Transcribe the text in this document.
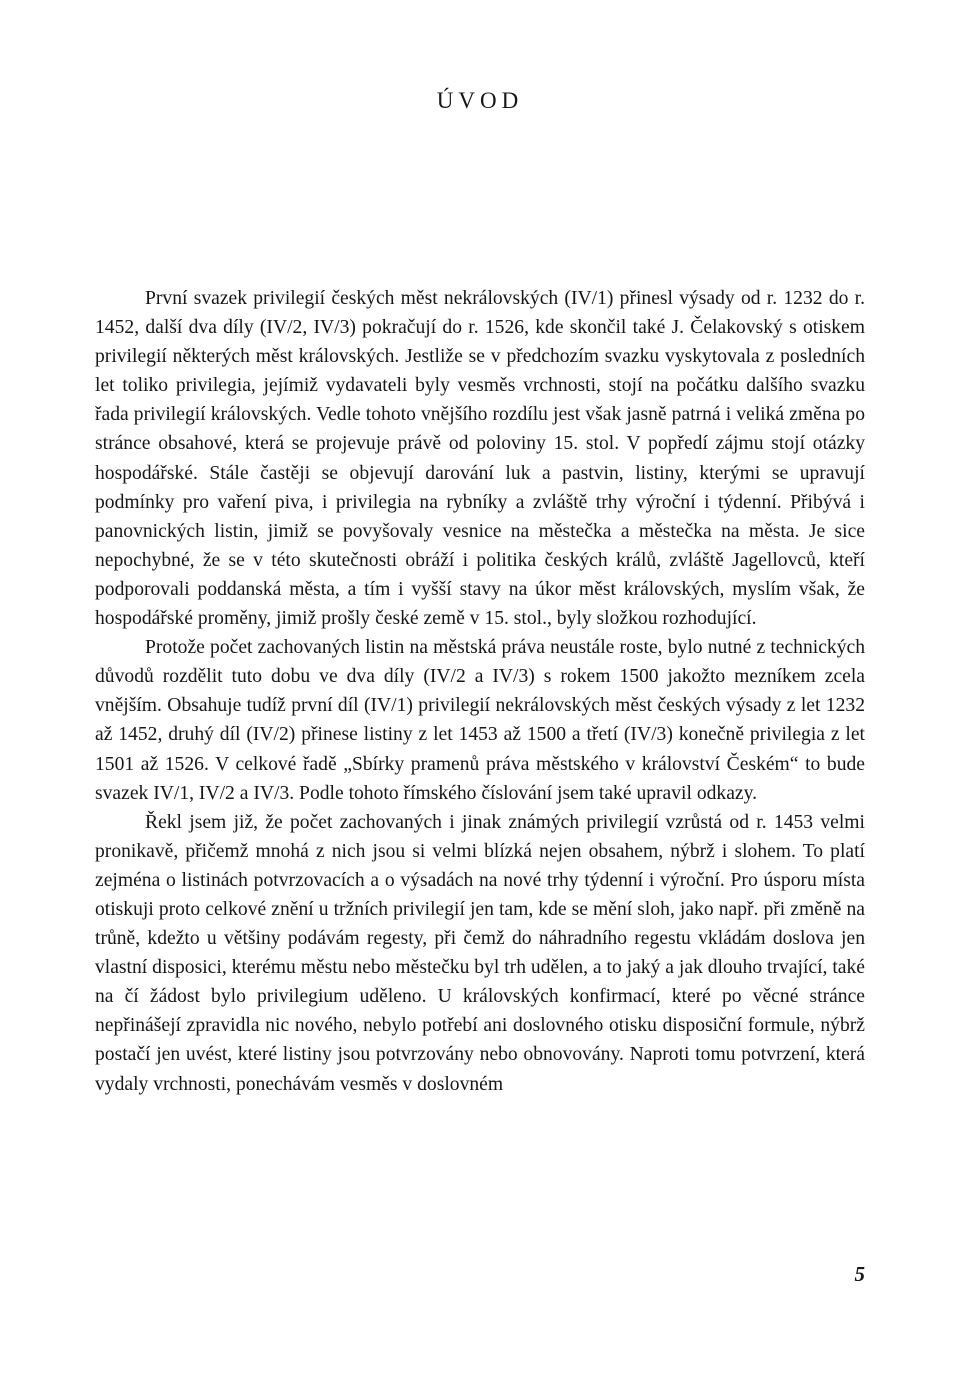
ÚVOD

První svazek privilegií českých měst nekrálovských (IV/1) přinesl výsady od r. 1232 do r. 1452, další dva díly (IV/2, IV/3) pokračují do r. 1526, kde skončil také J. Čelakovský s otiskem privilegií některých měst královských. Jestliže se v předchozím svazku vyskytovala z posledních let toliko privilegia, jejímiž vydavateli byly vesměs vrchnosti, stojí na počátku dalšího svazku řada privilegií královských. Vedle tohoto vnějšího rozdílu jest však jasně patrná i veliká změna po stránce obsahové, která se projevuje právě od poloviny 15. stol. V popředí zájmu stojí otázky hospodářské. Stále častěji se objevují darování luk a pastvin, listiny, kterými se upravují podmínky pro vaření piva, i privilegia na rybníky a zvláště trhy výroční i týdenní. Přibývá i panovnických listin, jimiž se povyšovaly vesnice na městečka a městečka na města. Je sice nepochybné, že se v této skutečnosti obráží i politika českých králů, zvláště Jagellovců, kteří podporovali poddanská města, a tím i vyšší stavy na úkor měst královských, myslím však, že hospodářské proměny, jimiž prošly české země v 15. stol., byly složkou rozhodující.

Protože počet zachovaných listin na městská práva neustále roste, bylo nutné z technických důvodů rozdělit tuto dobu ve dva díly (IV/2 a IV/3) s rokem 1500 jakožto mezníkem zcela vnějším. Obsahuje tudíž první díl (IV/1) privilegií nekrálovských měst českých výsady z let 1232 až 1452, druhý díl (IV/2) přinese listiny z let 1453 až 1500 a třetí (IV/3) konečně privilegia z let 1501 až 1526. V celkové řadě „Sbírky pramenů práva městského v království Českém“ to bude svazek IV/1, IV/2 a IV/3. Podle tohoto římského číslování jsem také upravil odkazy.

Řekl jsem již, že počet zachovaných i jinak známých privilegií vzrůstá od r. 1453 velmi pronikavě, přičemž mnohá z nich jsou si velmi blízká nejen obsahem, nýbrž i slohem. To platí zejména o listinách potvrzovacích a o výsadách na nové trhy týdenní i výroční. Pro úsporu místa otiskuji proto celkové znění u tržních privilegií jen tam, kde se mění sloh, jako např. při změně na trůně, kdežto u většiny podávám regesty, při čemž do náhradního regestu vkládám doslova jen vlastní disposici, kterému městu nebo městečku byl trh udělen, a to jaký a jak dlouho trvající, také na čí žádost bylo privilegium uděleno. U královských konfirmací, které po věcné stránce nepřinášejí zpravidla nic nového, nebylo potřebí ani doslovného otisku disposiční formule, nýbrž postačí jen uvést, které listiny jsou potvrzovány nebo obnovovány. Naproti tomu potvrzení, která vydaly vrchnosti, ponechávám vesměs v doslovném

5
